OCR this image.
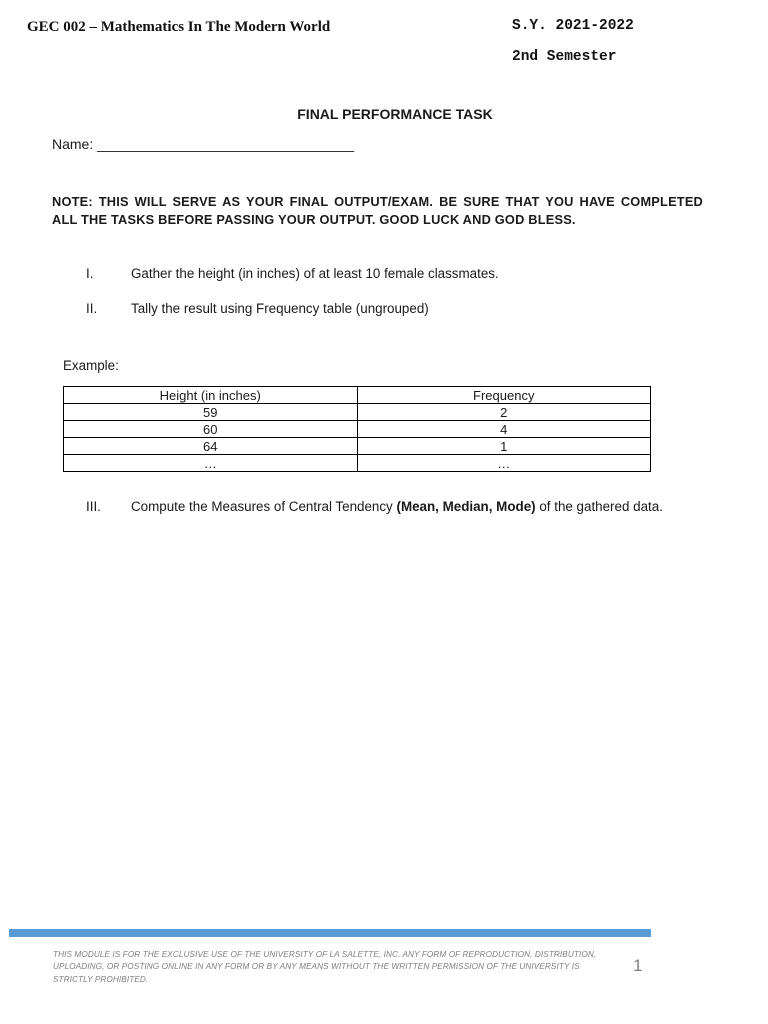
GEC 002 – Mathematics In The Modern World	S.Y. 2021-2022
2nd Semester
FINAL PERFORMANCE TASK
Name: _________________________________
NOTE: THIS WILL SERVE AS YOUR FINAL OUTPUT/EXAM. BE SURE THAT YOU HAVE COMPLETED ALL THE TASKS BEFORE PASSING YOUR OUTPUT. GOOD LUCK AND GOD BLESS.
I.	Gather the height (in inches) of at least 10 female classmates.
II.	Tally the result using Frequency table (ungrouped)
Example:
Height (in inches)	Frequency
59	2
60	4
64	1
…	…
III. Compute the Measures of Central Tendency (Mean, Median, Mode) of the gathered data.
THIS MODULE IS FOR THE EXCLUSIVE USE OF THE UNIVERSITY OF LA SALETTE, INC. ANY FORM OF REPRODUCTION, DISTRIBUTION, UPLOADING, OR POSTING ONLINE IN ANY FORM OR BY ANY MEANS WITHOUT THE WRITTEN PERMISSION OF THE UNIVERSITY IS STRICTLY PROHIBITED.
1
